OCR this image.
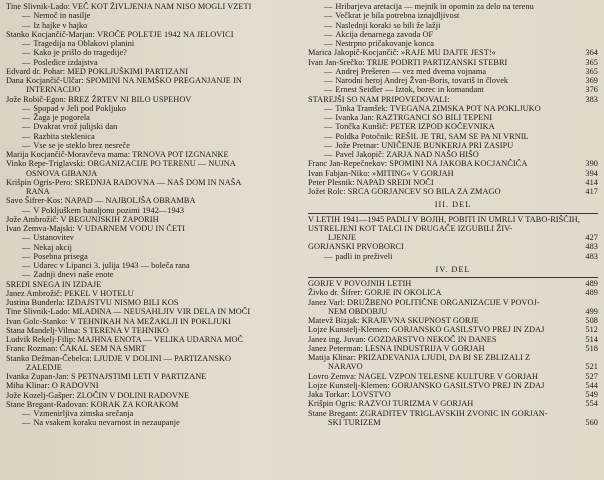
Tine Slivnik-Lado: VEČ KOT ŽIVLJENJA NAM NISO MOGLI VZETI
— Nemoč in nasilje
— Iz hajke v hajko
Stanko Kocjančič-Marjan: VROČE POLETJE 1942 NA JELOVICI
— Tragedija na Oblakovi planini
— Kako je prišlo do tragedije?
— Posledice izdajstva
Edvard dr. Pohar: MED POKLJUŠKIMI PARTIZANI
Dana Kocjančič-Ulčar: SPOMINI NA NEMŠKO PREGANJANJE IN
INTERNACIJO
Jože Robič-Egon: BREZ ŽRTEV NI BILO USPEHOV
— Spopad v Jeli pod Pokljuko
— Žaga je pogorela
— Dvakrat vrož julijski dan
— Razbita steklenica
— Vse se je steklo brez nesreče
Marija Kocjančič-Moravčeva mama: TRNOVA POT IZGNANKE
Vinko Repe-Triglavski: ORGANIZACIJE PO TERENU — NUJNA
OSNOVA GIBANJA
Krišpin Ogris-Pero: SREDNJA RADOVNA — NAŠ DOM IN NAŠA
RANA
Savo Šifrer-Kos: NAPAD — NAJBOLJŠA OBRAMBA
— V Pokljuškem bataljonu pozimi 1942—1943
Jože Ambrožič: V BEGUNJSKIH ZAPORIH
Ivan Zemva-Majski: V UDARNEM VODU IN ČETI
— Ustanovitev
— Nekaj akcij
— Posebna prisega
— Udarec v Lipanci 3. julija 1943 — boleča rana
— Zadnji dnevi naše enote
SREDI SNEGA IN IZDAJE
Janez Ambrožič: PEKEL V HOTELU
Justina Bunderla: IZDAJSTVU NISMO BILI KOS
Tine Slivnik-Lado: MLADINA — NEUSAHLJIV VIR DELA IN MOČI
Ivan Golc-Stanko: V TEHNIKAH NA MEŽAKLJI IN POKLJUKI
Stana Mandelj-Vilma: S TERENA V TEHNIKO
Ludvik Rekelj-Filip: MAJHNA ENOTA — VELIKA UDARNA MOČ
Franc Rozman: ČAKAL SEM NA SMRT
Stanko Dežman-Čebelca: LJUDJE V DOLINI — PARTIZANSKO
ZALEDJE
Ivanka Zupan-Jan: S PETNAJSTIMI LETI V PARTIZANE
Miha Klinar: O RADOVNI
Jože Kozelj-Gašper: ZLOČIN V DOLINI RADOVNE
Stane Bregant-Radovan: KORAK ZA KORAKOM
— Vzmenirljiva zimska srečanja
— Na vsakem koraku nevarnost in nezaupanje
— Hribarjeva aretacija — mejnik in opomin za delo na terenu
— Večkrat je bila potrebna iznajdljivost
— Naslednji koraki so bili že lažji
— Akcija denarnega zavoda OF
— Nestrpno pričakovanje konca
Marica Jakopič-Kocjančič: »RAJE MU DAJTE JEST!«	364
Ivan Jan-Srečko: TRIJE PODRTI PARTIZANSKI STEBRI	365
— Andrej Prešeren — vez med dvema vojnama	365
— Narodni heroj Andrej Žvan-Boris, tovariš in človek	369
— Ernest Seidler — Iztok, borec in komandant	376
STAREJŠI SO NAM PRIPOVEDOVALI:	383
— Tinka Tramšek: TVEGANA ZIMSKA POT NA POKLJUKO
— Ivanka Jan: RAZTRGANCI SO BILI TEPENI
— Tončka Kunšič: PETER IZPOD KOČEVNIKA
— Poldka Potočnik: REŠIL JE TRI, SAM SE PA NI VRNIL
— Jože Pretnar: UNIČENJE BUNKERJA PRI ZASIPU
— Pavel Jakopič: ZARJA NAD NAŠO HIŠO
Franc Jan-Repečnekov: SPOMINI NA JAKOBA KOCJANČIČA	390
Ivan Fabjan-Niko: »MITING« V GORJAH	394
Peter Plesnik: NAPAD SREDI NOČI	414
Jožet Rolc: SRCA GORJANCEV SO BILA ZA ZMAGO	417
III. DEL
V LETIH 1941—1945 PADLI V BOJIH, POBITI IN UMRLI V TABO-RIŠČIH, USTRELJENI KOT TALCI IN DRUGAČE IZGUBILI ŽIV-
LJENJE	427
GORJANSKI PRVOBORCI	483
— padli in preživeli	483
IV. DEL
GORJE V POVOJNIH LETIH	489
Živko dr. Šifrer: GORJE IN OKOLICA	489
Janez Varl: DRUŽBENO POLITIČNE ORGANIZACIJE V POVOJ-
NEM OBDOBJU	499
Matevž Bizjak: KRAJEVNA SKUPNOST GORJE	508
Lojze Kunstelj-Klemen: GORJANSKO GASILSTVO PREJ IN ZDAJ	512
Janez ing. Juvan: GOZDARSTVO NEKOČ IN DANES	514
Janez Peterman: LESNA INDUSTRIJA V GORJAH	518
Matija Klinar: PRIZADEVANJA LJUDI, DA BI SE ZBLIZALI Z
NARAVO	521
Lovro Zemva: NAGEL VZPON TELESNE KULTURE V GORJAH	527
Lojze Kunstelj-Klemen: GORJANSKO GASILSTVO PREJ IN ZDAJ	544
Jaka Torkar: LOVSTVO	549
Krišpin Ogris: RAZVOJ TURIZMA V GORJAH	554
Stane Bregant: ZGRADITEV TRIGLAVSKIH ZVONIC IN GORJAN-
SKI TURIZEM	560
